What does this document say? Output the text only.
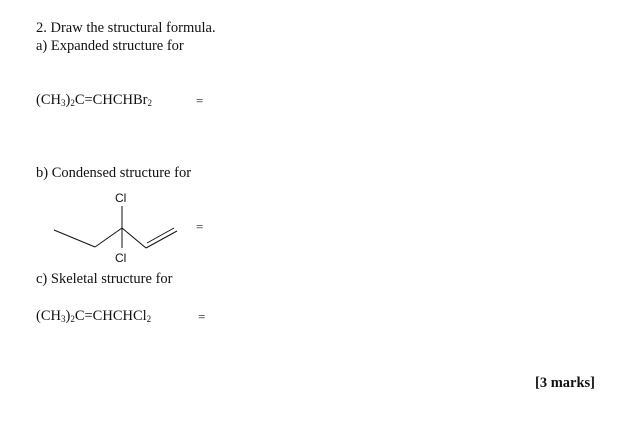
2. Draw the structural formula.
a) Expanded structure for
$(CH_3)_2C=CHCHBr_2$	=
b) Condensed structure for
Cl
Cl
=
c) Skeletal structure for
$(CH_3)_2C=CHCHCl_2$	=
[3 marks]
